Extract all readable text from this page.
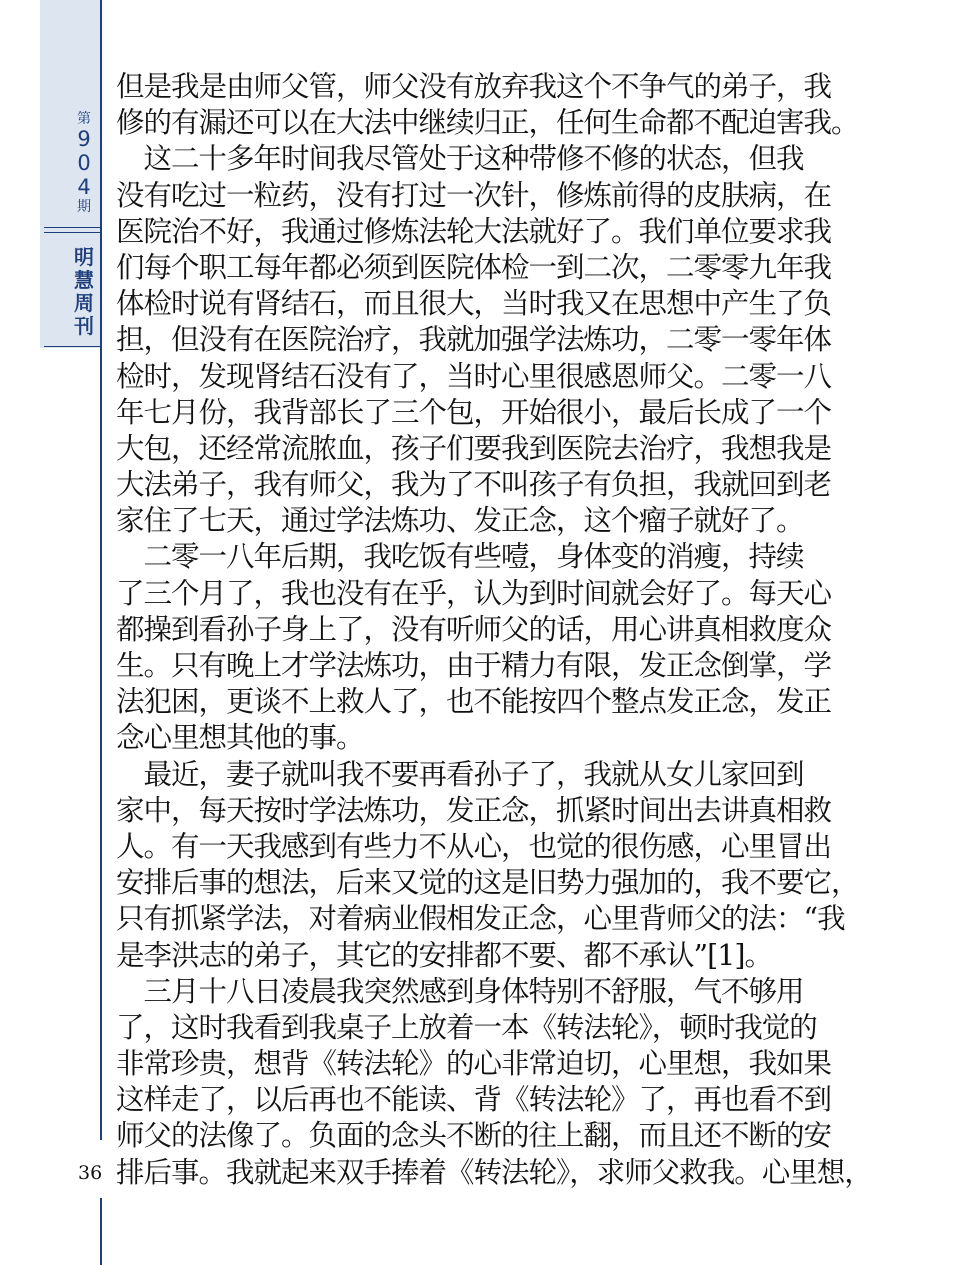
第
9
0
4
期
明
慧
周
刊
36
但是我是由师父管，师父没有放弃我这个不争气的弟子，我
修的有漏还可以在大法中继续归正，任何生命都不配迫害我。
　这二十多年时间我尽管处于这种带修不修的状态，但我
没有吃过一粒药，没有打过一次针，修炼前得的皮肤病，在
医院治不好，我通过修炼法轮大法就好了。我们单位要求我
们每个职工每年都必须到医院体检一到二次，二零零九年我
体检时说有肾结石，而且很大，当时我又在思想中产生了负
担，但没有在医院治疗，我就加强学法炼功，二零一零年体
检时，发现肾结石没有了，当时心里很感恩师父。二零一八
年七月份，我背部长了三个包，开始很小，最后长成了一个
大包，还经常流脓血，孩子们要我到医院去治疗，我想我是
大法弟子，我有师父，我为了不叫孩子有负担，我就回到老
家住了七天，通过学法炼功、发正念，这个瘤子就好了。
　二零一八年后期，我吃饭有些噎，身体变的消瘦，持续
了三个月了，我也没有在乎，认为到时间就会好了。每天心
都操到看孙子身上了，没有听师父的话，用心讲真相救度众
生。只有晚上才学法炼功，由于精力有限，发正念倒掌，学
法犯困，更谈不上救人了，也不能按四个整点发正念，发正
念心里想其他的事。
　最近，妻子就叫我不要再看孙子了，我就从女儿家回到
家中，每天按时学法炼功，发正念，抓紧时间出去讲真相救
人。有一天我感到有些力不从心，也觉的很伤感，心里冒出
安排后事的想法，后来又觉的这是旧势力强加的，我不要它，
只有抓紧学法，对着病业假相发正念，心里背师父的法：“我
是李洪志的弟子，其它的安排都不要、都不承认”[1]。
　三月十八日凌晨我突然感到身体特别不舒服，气不够用
了，这时我看到我桌子上放着一本《转法轮》，顿时我觉的
非常珍贵，想背《转法轮》的心非常迫切，心里想，我如果
这样走了，以后再也不能读、背《转法轮》了，再也看不到
师父的法像了。负面的念头不断的往上翻，而且还不断的安
排后事。我就起来双手捧着《转法轮》，求师父救我。心里想，
